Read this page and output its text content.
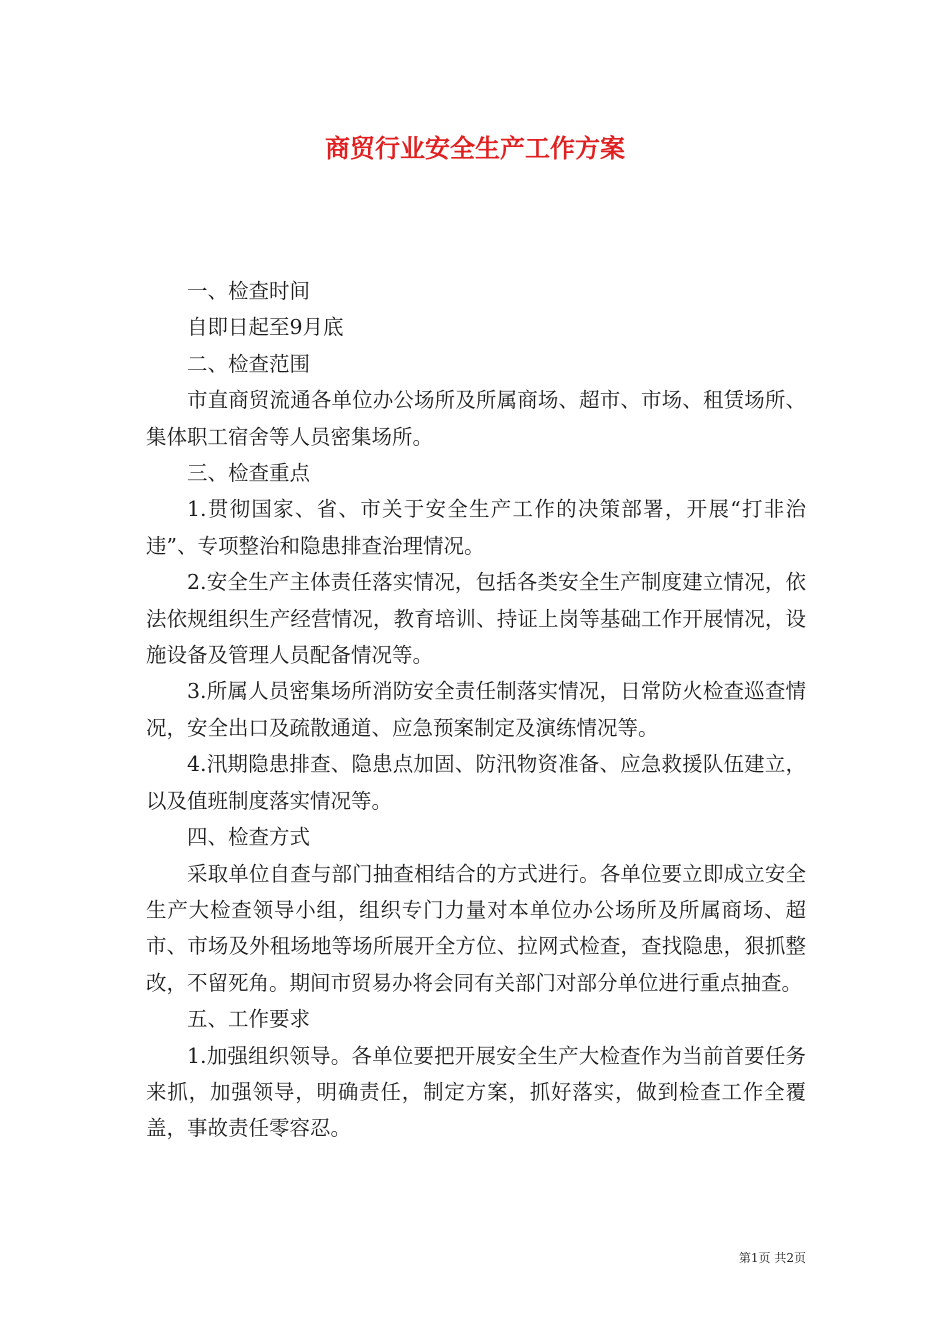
商贸行业安全生产工作方案

一、检查时间

自即日起至9月底

二、检查范围

市直商贸流通各单位办公场所及所属商场、超市、市场、租赁场所、集体职工宿舍等人员密集场所。

三、检查重点

1.贯彻国家、省、市关于安全生产工作的决策部署，开展“打非治违”、专项整治和隐患排查治理情况。

2.安全生产主体责任落实情况，包括各类安全生产制度建立情况，依法依规组织生产经营情况，教育培训、持证上岗等基础工作开展情况，设施设备及管理人员配备情况等。

3.所属人员密集场所消防安全责任制落实情况，日常防火检查巡查情况，安全出口及疏散通道、应急预案制定及演练情况等。

4.汛期隐患排查、隐患点加固、防汛物资准备、应急救援队伍建立，以及值班制度落实情况等。

四、检查方式

采取单位自查与部门抽查相结合的方式进行。各单位要立即成立安全生产大检查领导小组，组织专门力量对本单位办公场所及所属商场、超市、市场及外租场地等场所展开全方位、拉网式检查，查找隐患，狠抓整改，不留死角。期间市贸易办将会同有关部门对部分单位进行重点抽查。

五、工作要求

1.加强组织领导。各单位要把开展安全生产大检查作为当前首要任务来抓，加强领导，明确责任，制定方案，抓好落实，做到检查工作全覆盖，事故责任零容忍。

第1页 共2页
